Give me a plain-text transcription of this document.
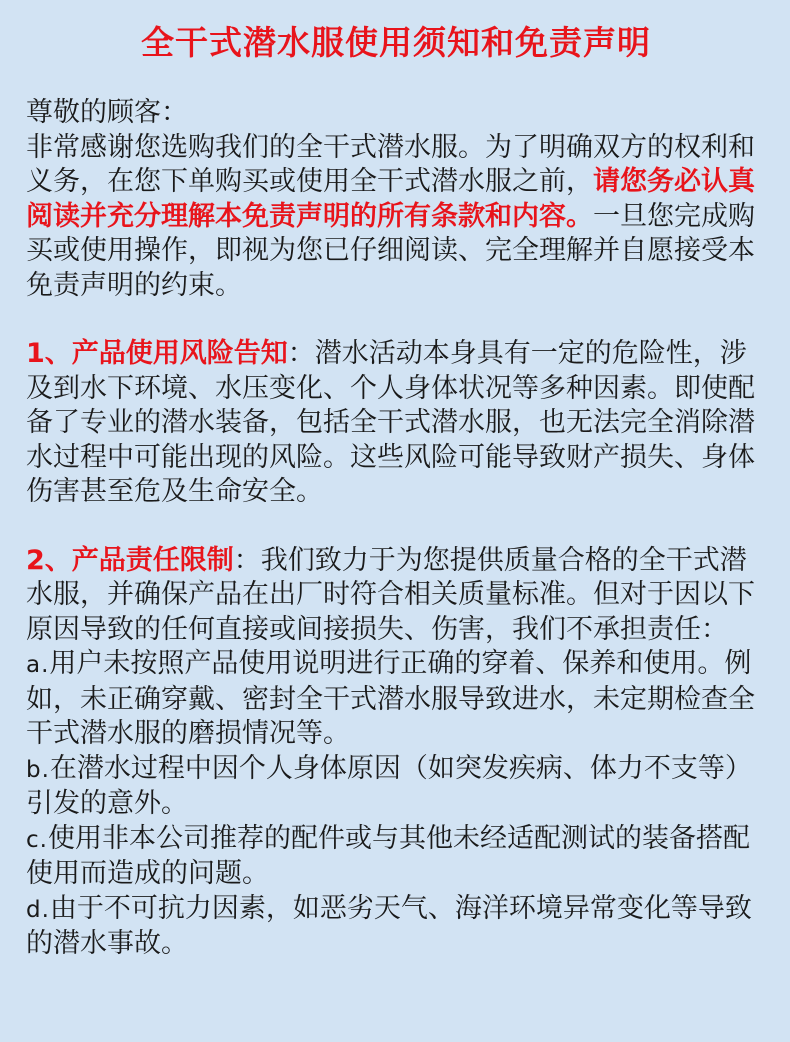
全干式潜水服使用须知和免责声明

尊敬的顾客：

非常感谢您选购我们的全干式潜水服。为了明确双方的权利和义务，在您下单购买或使用全干式潜水服之前，请您务必认真阅读并充分理解本免责声明的所有条款和内容。一旦您完成购买或使用操作，即视为您已仔细阅读、完全理解并自愿接受本免责声明的约束。

1、产品使用风险告知：潜水活动本身具有一定的危险性，涉及到水下环境、水压变化、个人身体状况等多种因素。即使配备了专业的潜水装备，包括全干式潜水服，也无法完全消除潜水过程中可能出现的风险。这些风险可能导致财产损失、身体伤害甚至危及生命安全。

2、产品责任限制：我们致力于为您提供质量合格的全干式潜水服，并确保产品在出厂时符合相关质量标准。但对于因以下原因导致的任何直接或间接损失、伤害，我们不承担责任：

a.用户未按照产品使用说明进行正确的穿着、保养和使用。例如，未正确穿戴、密封全干式潜水服导致进水，未定期检查全干式潜水服的磨损情况等。

b.在潜水过程中因个人身体原因（如突发疾病、体力不支等）引发的意外。

c.使用非本公司推荐的配件或与其他未经适配测试的装备搭配使用而造成的问题。

d.由于不可抗力因素，如恶劣天气、海洋环境异常变化等导致的潜水事故。
